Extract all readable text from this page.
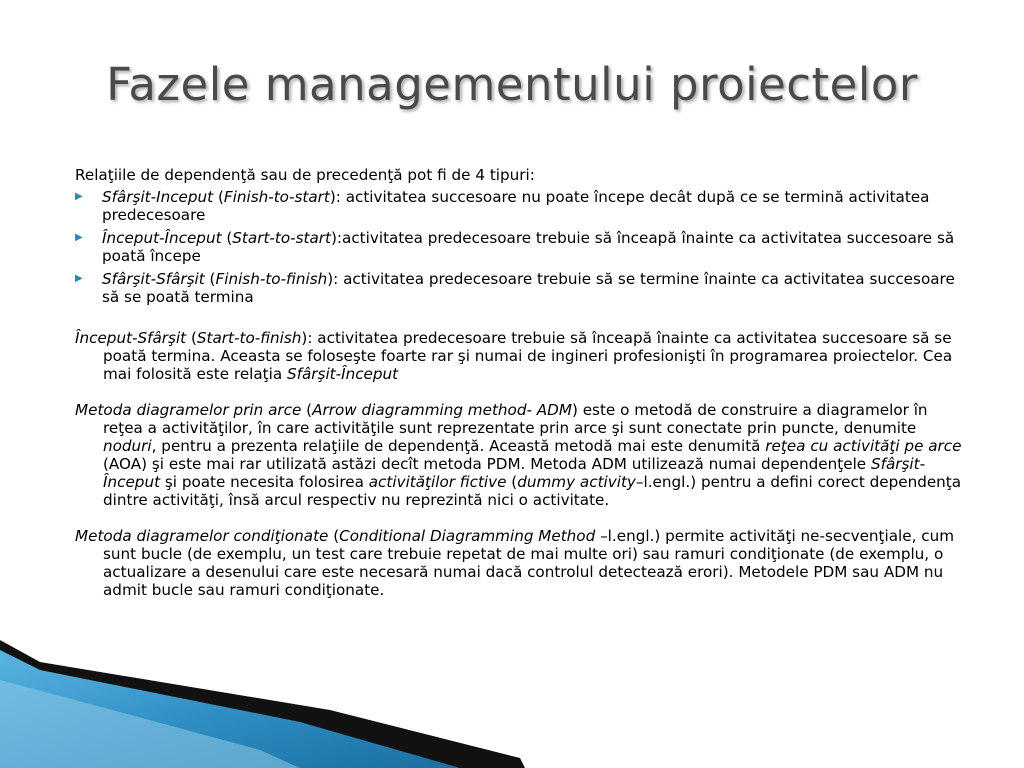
Fazele managementului proiectelor

Relaţiile de dependenţă sau de precedenţă pot fi de 4 tipuri:

▶ Sfârşit-Inceput (Finish-to-start): activitatea succesoare nu poate începe decât după ce se termină activitatea predecesoare

▶ Început-Început (Start-to-start):activitatea predecesoare trebuie să înceapă înainte ca activitatea succesoare să poată începe

▶ Sfârşit-Sfârşit (Finish-to-finish): activitatea predecesoare trebuie să se termine înainte ca activitatea succesoare să se poată termina

Început-Sfârşit (Start-to-finish): activitatea predecesoare trebuie să înceapă înainte ca activitatea succesoare să se poată termina. Aceasta se foloseşte foarte rar şi numai de ingineri profesionişti în programarea proiectelor. Cea mai folosită este relaţia Sfârşit-Început

Metoda diagramelor prin arce (Arrow diagramming method- ADM) este o metodă de construire a diagramelor în reţea a activităţilor, în care activităţile sunt reprezentate prin arce şi sunt conectate prin puncte, denumite noduri, pentru a prezenta relaţiile de dependenţă. Această metodă mai este denumită reţea cu activităţi pe arce (AOA) şi este mai rar utilizată astăzi decît metoda PDM. Metoda ADM utilizează numai dependenţele Sfârşit-Început şi poate necesita folosirea activităţilor fictive (dummy activity–l.engl.) pentru a defini corect dependenţa dintre activităţi, însă arcul respectiv nu reprezintă nici o activitate.

Metoda diagramelor condiţionate (Conditional Diagramming Method –l.engl.) permite activităţi ne-secvenţiale, cum sunt bucle (de exemplu, un test care trebuie repetat de mai multe ori) sau ramuri condiţionate (de exemplu, o actualizare a desenului care este necesară numai dacă controlul detectează erori). Metodele PDM sau ADM nu admit bucle sau ramuri condiţionate.
